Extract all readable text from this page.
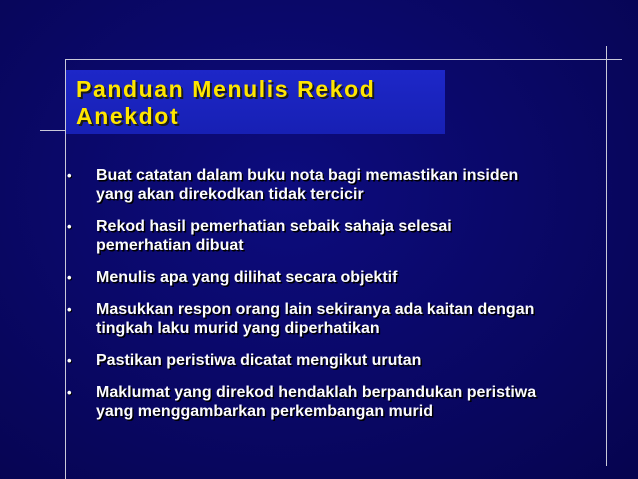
Panduan Menulis Rekod
Anekdot
• Buat catatan dalam buku nota bagi memastikan insiden
yang akan direkodkan tidak tercicir
• Rekod hasil pemerhatian sebaik sahaja selesai
pemerhatian dibuat
• Menulis apa yang dilihat secara objektif
• Masukkan respon orang lain sekiranya ada kaitan dengan
tingkah laku murid yang diperhatikan
• Pastikan peristiwa dicatat mengikut urutan
• Maklumat yang direkod hendaklah berpandukan peristiwa
yang menggambarkan perkembangan murid
